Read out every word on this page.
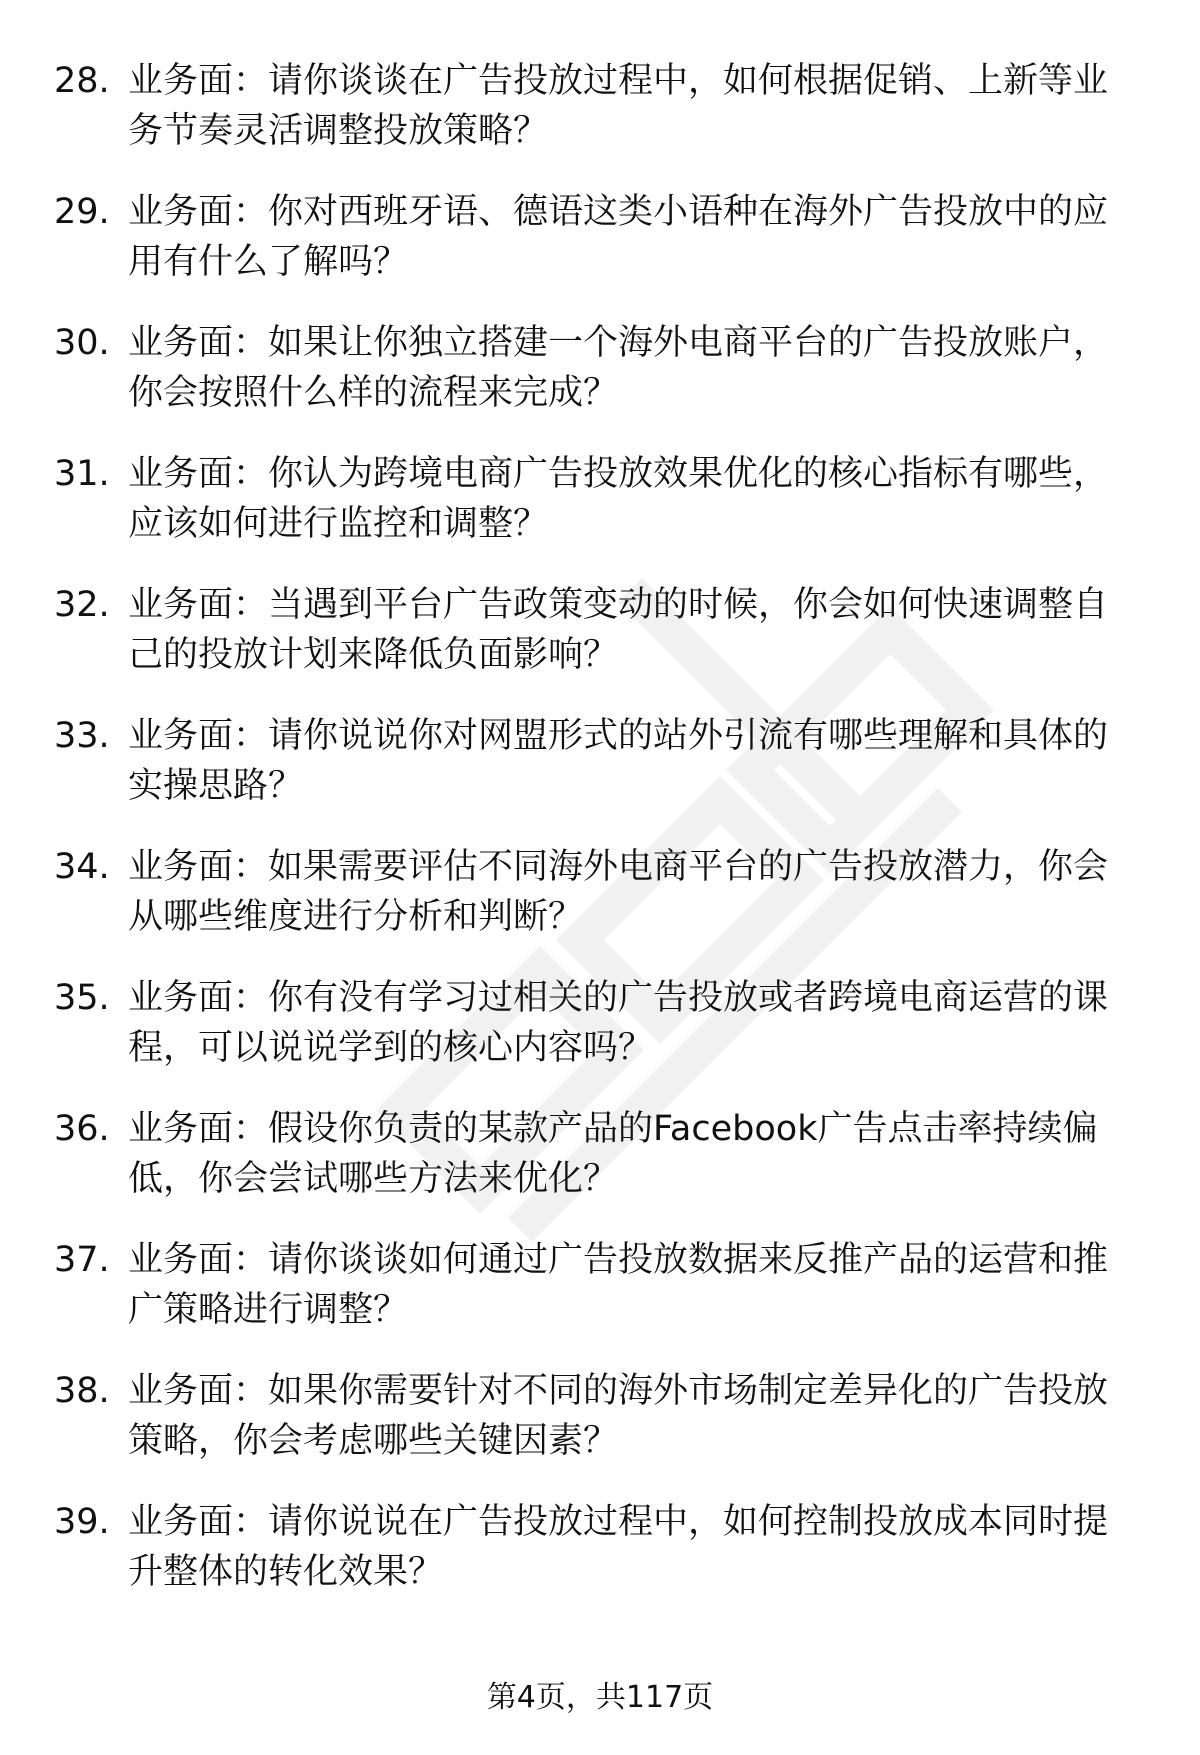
28. 业务面：请你谈谈在广告投放过程中，如何根据促销、上新等业务节奏灵活调整投放策略？
29. 业务面：你对西班牙语、德语这类小语种在海外广告投放中的应用有什么了解吗？
30. 业务面：如果让你独立搭建一个海外电商平台的广告投放账户，你会按照什么样的流程来完成？
31. 业务面：你认为跨境电商广告投放效果优化的核心指标有哪些，应该如何进行监控和调整？
32. 业务面：当遇到平台广告政策变动的时候，你会如何快速调整自己的投放计划来降低负面影响？
33. 业务面：请你说说你对网盟形式的站外引流有哪些理解和具体的实操思路？
34. 业务面：如果需要评估不同海外电商平台的广告投放潜力，你会从哪些维度进行分析和判断？
35. 业务面：你有没有学习过相关的广告投放或者跨境电商运营的课程，可以说说学到的核心内容吗？
36. 业务面：假设你负责的某款产品的Facebook广告点击率持续偏低，你会尝试哪些方法来优化？
37. 业务面：请你谈谈如何通过广告投放数据来反推产品的运营和推广策略进行调整？
38. 业务面：如果你需要针对不同的海外市场制定差异化的广告投放策略，你会考虑哪些关键因素？
39. 业务面：请你说说在广告投放过程中，如何控制投放成本同时提升整体的转化效果？
第4页，共117页
